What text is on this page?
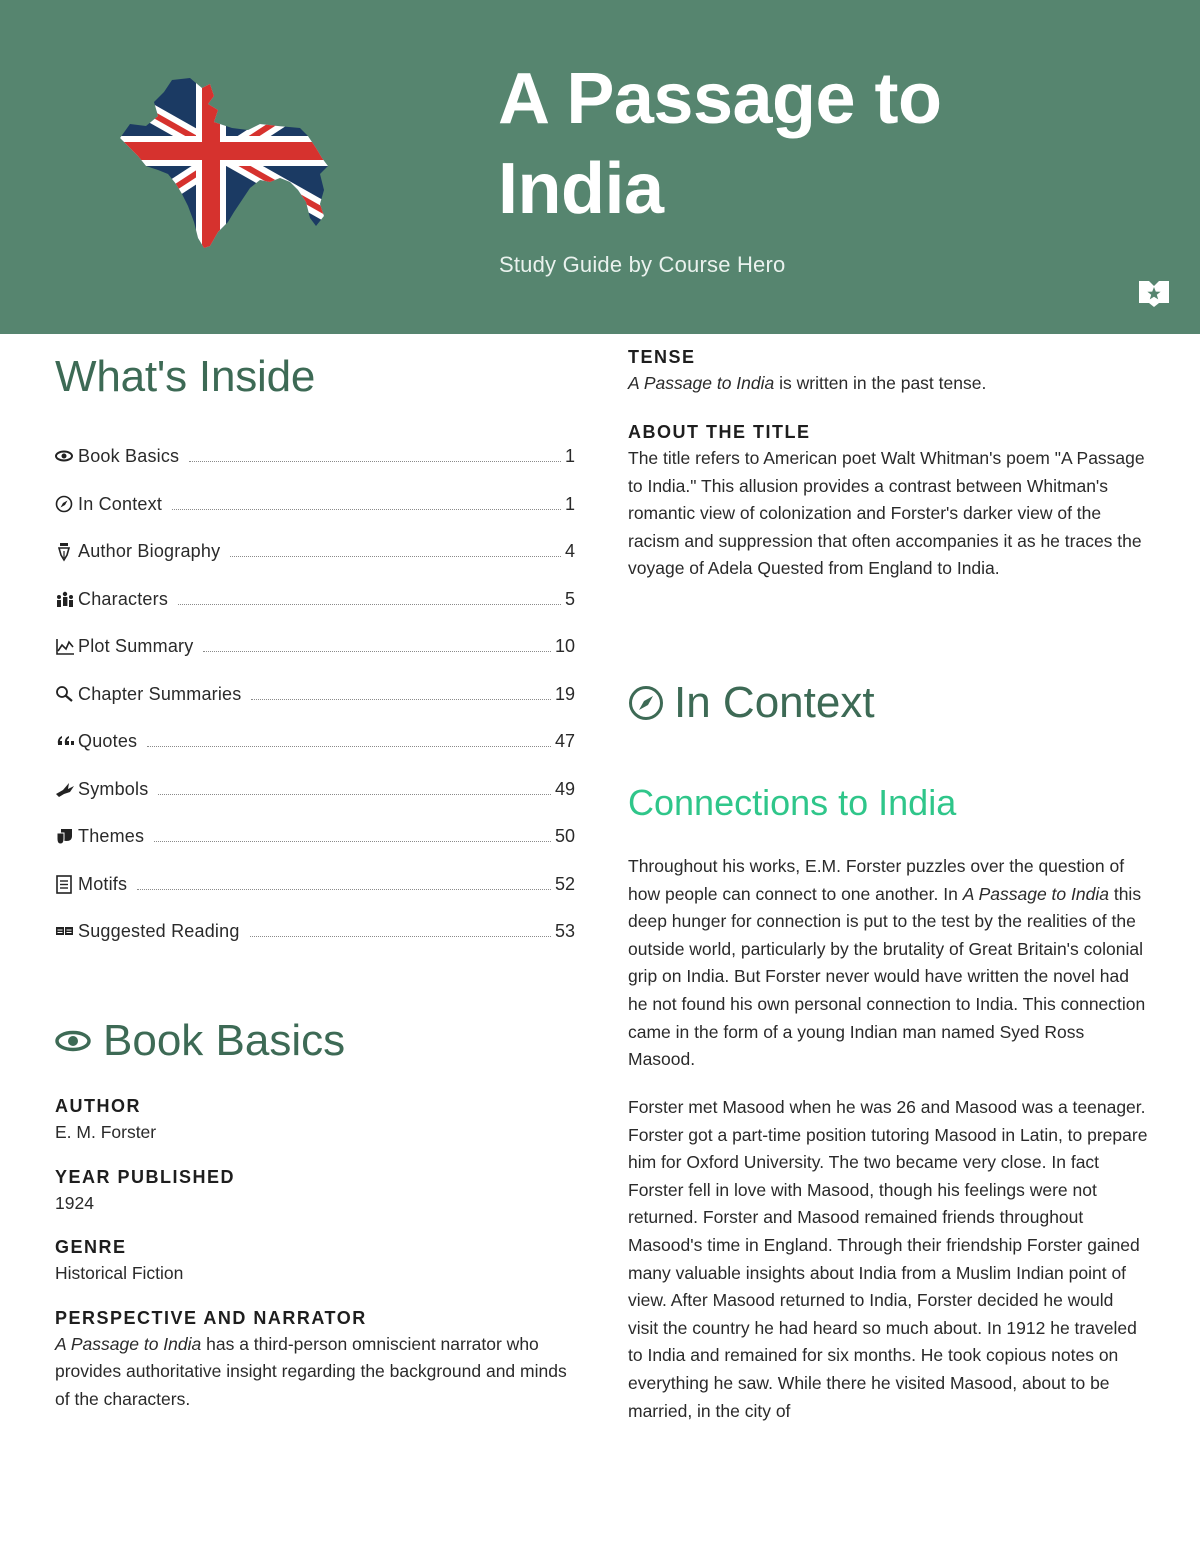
A Passage to
India
Study Guide by Course Hero
What's Inside
Book Basics	1
In Context	1
Author Biography	4
Characters	5
Plot Summary	10
Chapter Summaries	19
Quotes	47
Symbols	49
Themes	50
Motifs	52
Suggested Reading	53
Book Basics
AUTHOR
E. M. Forster
YEAR PUBLISHED
1924
GENRE
Historical Fiction
PERSPECTIVE AND NARRATOR
A Passage to India has a third-person omniscient narrator who provides authoritative insight regarding the background and minds of the characters.
TENSE
A Passage to India is written in the past tense.
ABOUT THE TITLE
The title refers to American poet Walt Whitman's poem "A Passage to India." This allusion provides a contrast between Whitman's romantic view of colonization and Forster's darker view of the racism and suppression that often accompanies it as he traces the voyage of Adela Quested from England to India.
In Context
Connections to India
Throughout his works, E.M. Forster puzzles over the question of how people can connect to one another. In A Passage to India this deep hunger for connection is put to the test by the realities of the outside world, particularly by the brutality of Great Britain's colonial grip on India. But Forster never would have written the novel had he not found his own personal connection to India. This connection came in the form of a young Indian man named Syed Ross Masood.
Forster met Masood when he was 26 and Masood was a teenager. Forster got a part-time position tutoring Masood in Latin, to prepare him for Oxford University. The two became very close. In fact Forster fell in love with Masood, though his feelings were not returned. Forster and Masood remained friends throughout Masood's time in England. Through their friendship Forster gained many valuable insights about India from a Muslim Indian point of view. After Masood returned to India, Forster decided he would visit the country he had heard so much about. In 1912 he traveled to India and remained for six months. He took copious notes on everything he saw. While there he visited Masood, about to be married, in the city of
